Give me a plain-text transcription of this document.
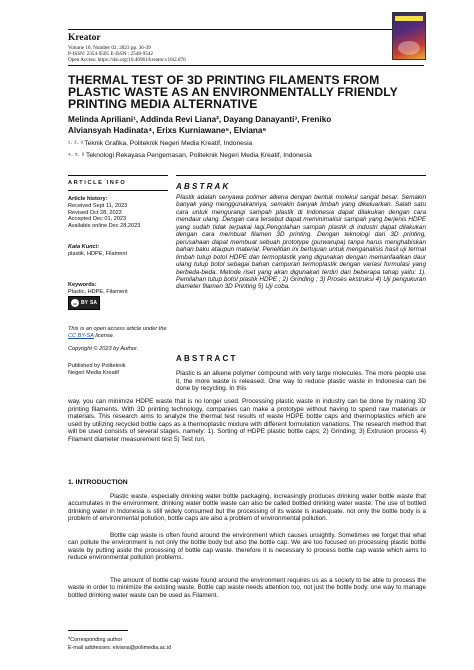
Kreator
Volume 10, Number 02, 2023 pp. 36-39
P-ISSN: 2354-9505 E-ISSN : 2548-9542
Open Access: https://doi.org/10.46961/kreator.v10i2.876
THERMAL TEST OF 3D PRINTING FILAMENTS FROM PLASTIC WASTE AS AN ENVIRONMENTALLY FRIENDLY PRINTING MEDIA ALTERNATIVE
Melinda Apriliani¹, Addinda Revi Liana², Dayang Danayanti³, Freniko
Alviansyah Hadinata⁴, Erixs Kurniawane⁵, Elviana⁶
¹· ²· ³ Teknik Grafika, Politeknik Negeri Media Kreatif, Indonesia
⁴· ⁵· ⁶ Teknologi Rekayasa Pengemasan, Politeknik Negeri Media Kreatif, Indonesia
ARTICLE INFO
Article history:
Received Sept 11, 2023
Revised Oct 28, 2023
Accepted Dec 01, 2023
Available online Dec 28,2023
Kata Kunci:
plastik, HDPE, Filament
Keywords:
Plastic, HDPE, Filament
cc BY SA
This is an open access article under the CC BY-SA license.
Copyright © 2023 by Author.
Published by Politeknik Negeri Media Kreatif
ABSTRAK
Plastik adalah senyawa polimer alkena dengan bentuk molekul sangat besar. Semakin banyak yang menggunakannya, semakin banyak limbah yang dikeluarkan. Salah satu cara untuk mengurangi sampah plastik di Indonesia dapat dilakukan dengan cara mendaur ulang. Dengan cara tersebut dapat meminimalisir sampah yang berjenis HDPE yang sudah tidak terpakai lagi.Pengolahan sampah plastik di industri dapat dilakukan dengan cara membuat filamen 3D printing. Dengan teknologi dari 3D printing, perusahaan dapat membuat sebuah prototype (purwarupa) tanpa harus menghabiskan bahan baku ataupun material. Penelitian ini bertujuan untuk menganalisis hasil uji termal limbah tutup botol HDPE dan termoplastik yang digunakan dengan memanfaatkan daur ulang tutup botol sebagai bahan campuran termoplastik dengan variasi formulasi yang berbeda-beda. Metode riset yang akan digunakan terdiri dari beberapa tahap yaitu: 1). Pemilahan tutup botol plastik HDPE ; 2) Grinding ; 3) Proses ekstruksi 4) Uji pengukuran diameter filamen 3D Printing 5) Uji coba.
ABSTRACT
Plastic is an alkene polymer compound with very large molecules. The more people use it, the more waste is released. One way to reduce plastic waste in Indonesia can be done by recycling. In this
way, you can minimize HDPE waste that is no longer used. Processing plastic waste in industry can be done by making 3D printing filaments. With 3D printing technology, companies can make a prototype without having to spend raw materials or materials. This research aims to analyze the thermal test results of waste HDPE bottle caps and thermoplastics which are used by utilizing recycled bottle caps as a thermoplastic mixture with different formulation variations. The research method that will be used consists of several stages, namely: 1). Sorting of HDPE plastic bottle caps; 2) Grinding; 3) Extrusion process 4) Filament diameter measurement test 5) Test run.
1. INTRODUCTION
Plastic waste, especially drinking water bottle packaging, increasingly produces drinking water bottle waste that accumulates in the environment. drinking water bottle waste can also be called bottled drinking water waste. The use of bottled drinking water in Indonesia is still widely consumed but the processing of its waste is inadequate. not only the bottle body is a problem of environmental pollution, bottle caps are also a problem of environmental pollution.
Bottle cap waste is often found around the environment which causes unsightly. Sometimes we forget that what can pollute the environment is not only the bottle body but also the bottle cap. We are too focused on processing plastic bottle waste by putting aside the processing of bottle cap waste. therefore it is necessary to process bottle cap waste which aims to reduce environmental pollution problems.
The amount of bottle cap waste found around the environment requires us as a society to be able to process the waste in order to minimize the existing waste. Bottle cap waste needs attention too, not just the bottle body. one way to manage bottled drinking water waste can be used as Filament.
*Corresponding author
E-mail addresses: elviana@polimedia.ac.id
